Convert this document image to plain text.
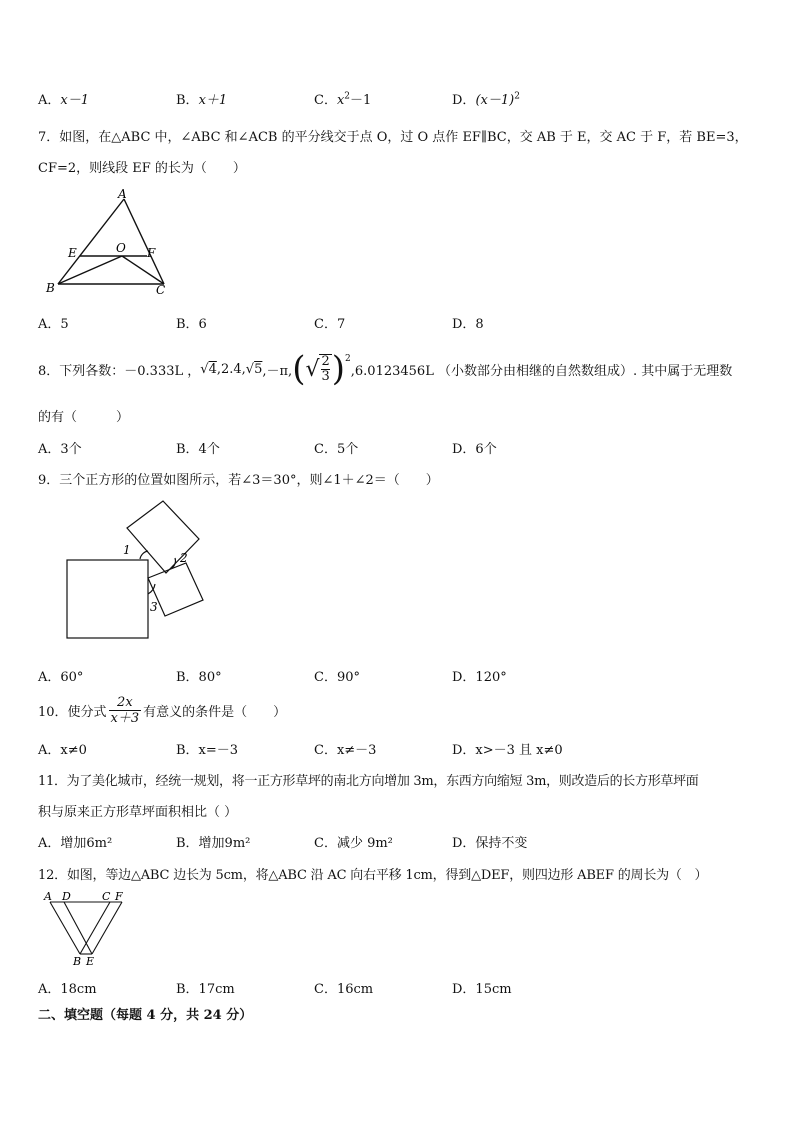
A．x－1	B．x＋1	C．$x^2-1$	D．$(x-1)^2$
7．如图，在△ABC 中，∠ABC 和∠ACB 的平分线交于点 O，过 O 点作 EF∥BC，交 AB 于 E，交 AC 于 F，若 BE=3，
CF=2，则线段 EF 的长为（　　）
A
E	O F
B	C
A．5	B．6	C．7	D．8
8．下列各数：－0.333L ， √4 ,2.4, √5 ,－π, ( √ 2
3 ) 2
,6.0123456L （小数部分由相继的自然数组成）. 其中属于无理数
的有（　　　）
A．3个	B．4个	C．5个	D．6个
9．三个正方形的位置如图所示，若∠3＝30°，则∠1＋∠2＝（　　）
1
2
3
A．60°	B．80°	C．90°	D．120°
10．使分式 $\frac{2x}{x+3}$ 有意义的条件是（　　）
A．x≠0	B．x=－3	C．x≠－3	D．x>－3 且 x≠0
11．为了美化城市，经统一规划，将一正方形草坪的南北方向增加 3m，东西方向缩短 3m，则改造后的长方形草坪面
积与原来正方形草坪面积相比（ ）
A．增加6m²	B．增加9m²	C．减少 9m²	D．保持不变
12．如图，等边△ABC 边长为 5cm，将△ABC 沿 AC 向右平移 1cm，得到△DEF，则四边形 ABEF 的周长为（　）
A D	C F
B E
A．18cm	B．17cm	C．16cm	D．15cm
二、填空题（每题 4 分，共 24 分）
